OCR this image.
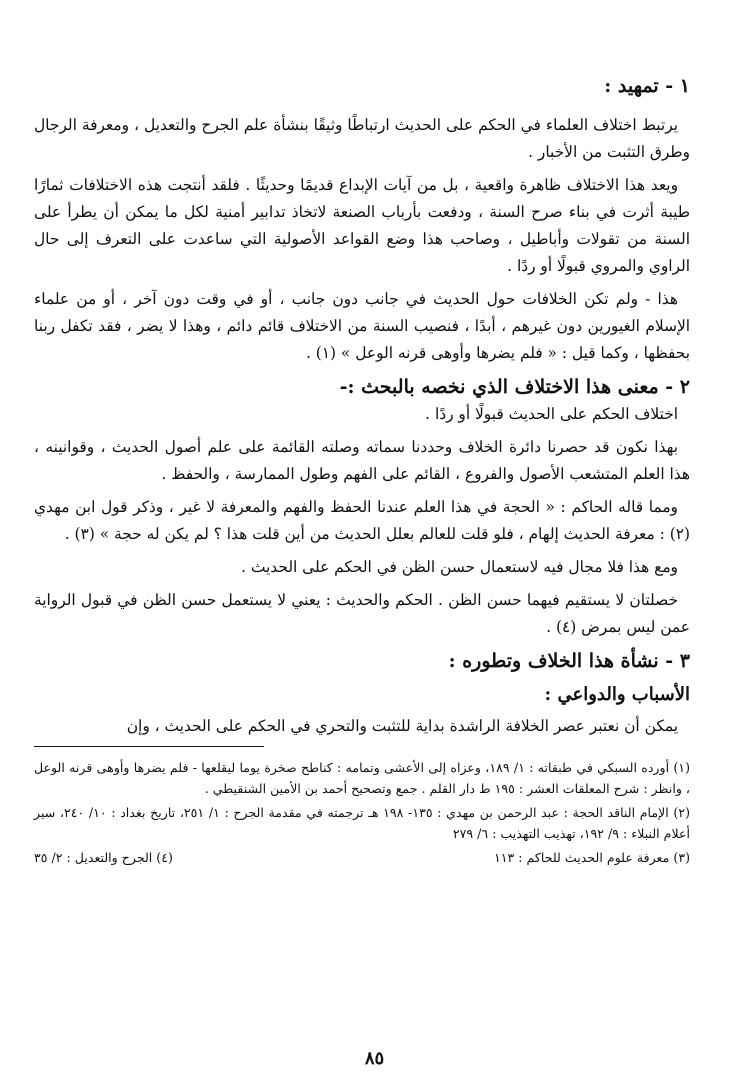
١ - تمهيد :

يرتبط اختلاف العلماء في الحكم على الحديث ارتباطًا وثيقًا بنشأة علم الجرح والتعديل ، ومعرفة الرجال وطرق التثبت من الأخبار .

ويعد هذا الاختلاف ظاهرة واقعية ، بل من آيات الإبداع قديمًا وحديثًا . فلقد أنتجت هذه الاختلافات ثمارًا طيبة أثرت في بناء صرح السنة ، ودفعت بأرباب الصنعة لاتخاذ تدابير أمنية لكل ما يمكن أن يطرأ على السنة من تقولات وأباطيل ، وصاحب هذا وضع القواعد الأصولية التي ساعدت على التعرف إلى حال الراوي والمروي قبولًا أو ردًا .

هذا - ولم تكن الخلافات حول الحديث في جانب دون جانب ، أو في وقت دون آخر ، أو من علماء الإسلام الغيورين دون غيرهم ، أبدًا ، فنصيب السنة من الاختلاف قائم دائم ، وهذا لا يضر ، فقد تكفل ربنا بحفظها ، وكما قيل : « فلم يضرها وأوهى قرنه الوعل » (١) .

٢ - معنى هذا الاختلاف الذي نخصه بالبحث :-

اختلاف الحكم على الحديث قبولًا أو ردًا .

بهذا نكون قد حصرنا دائرة الخلاف وحددنا سماته وصلته القائمة على علم أصول الحديث ، وقوانينه ، هذا العلم المتشعب الأصول والفروع ، القائم على الفهم وطول الممارسة ، والحفظ .

ومما قاله الحاكم : « الحجة في هذا العلم عندنا الحفظ والفهم والمعرفة لا غير ، وذكر قول ابن مهدي (٢) : معرفة الحديث إلهام ، فلو قلت للعالم بعلل الحديث من أين قلت هذا ؟ لم يكن له حجة » (٣) .

ومع هذا فلا مجال فيه لاستعمال حسن الظن في الحكم على الحديث .

خصلتان لا يستقيم فيهما حسن الظن . الحكم والحديث : يعني لا يستعمل حسن الظن في قبول الرواية عمن ليس بمرض (٤) .

٣ - نشأة هذا الخلاف وتطوره :

الأسباب والدواعي :

يمكن أن نعتبر عصر الخلافة الراشدة بداية للتثبت والتحري في الحكم على الحديث ، وإن

(١) أورده السبكي في طبقاته : ١/ ١٨٩، وعزاه إلى الأعشى وتمامه : كناطح صخرة يوما ليقلعها - فلم يضرها وأوهى قرنه الوعل ، وانظر : شرح المعلقات العشر : ١٩٥ ط دار القلم . جمع وتصحيح أحمد بن الأمين الشنقيطي .

(٢) الإمام الناقد الحجة : عبد الرحمن بن مهدي : ١٣٥- ١٩٨ هـ ترجمته في مقدمة الجرح : ١/ ٢٥١، تاريخ بغداد : ١٠/ ٢٤٠، سير أعلام النبلاء : ٩/ ١٩٢، تهذيب التهذيب : ٦/ ٢٧٩

(٣) معرفة علوم الحديث للحاكم : ١١٣
(٤) الجرح والتعديل : ٢/ ٣٥
٨٥
